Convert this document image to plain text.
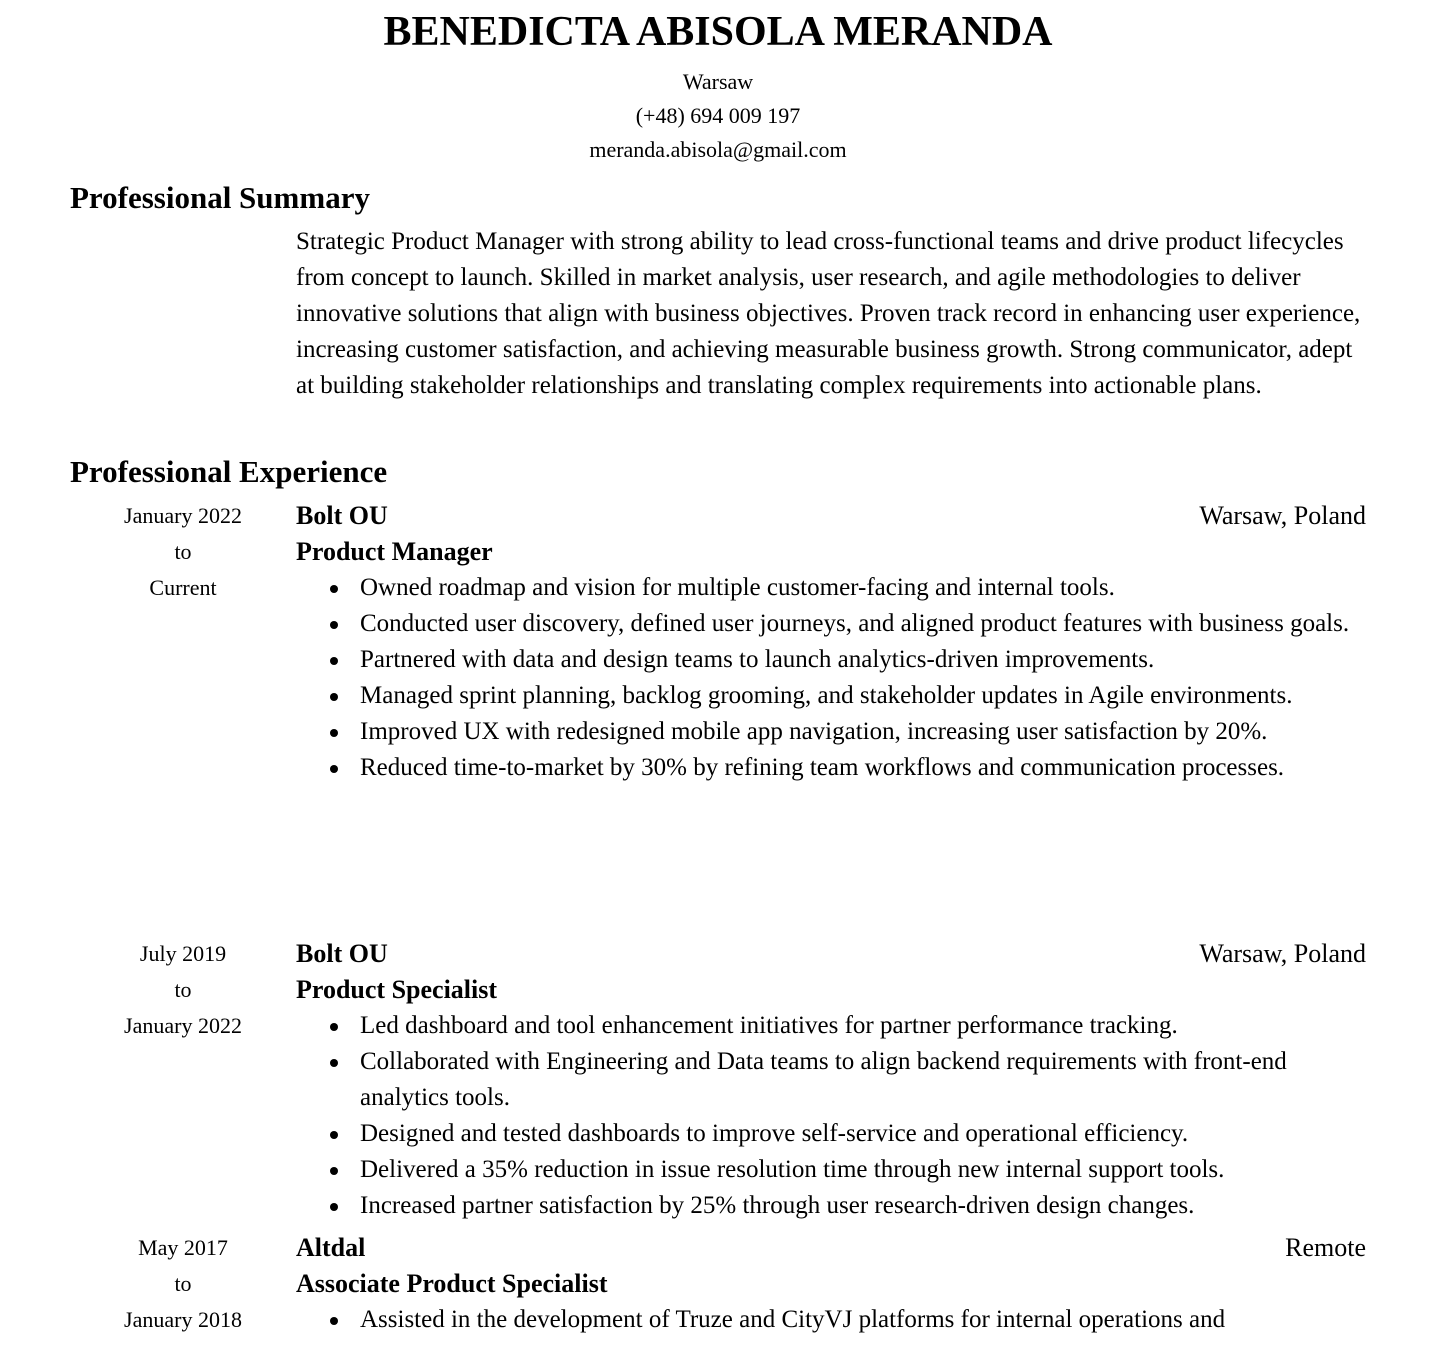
BENEDICTA ABISOLA MERANDA
Warsaw
(+48) 694 009 197
meranda.abisola@gmail.com
Professional Summary

Strategic Product Manager with strong ability to lead cross-functional teams and drive product lifecycles from concept to launch. Skilled in market analysis, user research, and agile methodologies to deliver innovative solutions that align with business objectives. Proven track record in enhancing user experience, increasing customer satisfaction, and achieving measurable business growth. Strong communicator, adept at building stakeholder relationships and translating complex requirements into actionable plans.

Professional Experience
January 2022
to
Current
Bolt OU	Warsaw, Poland
Product Manager
Owned roadmap and vision for multiple customer-facing and internal tools.
Conducted user discovery, defined user journeys, and aligned product features with business goals.
Partnered with data and design teams to launch analytics-driven improvements.
Managed sprint planning, backlog grooming, and stakeholder updates in Agile environments.
Improved UX with redesigned mobile app navigation, increasing user satisfaction by 20%.
Reduced time-to-market by 30% by refining team workflows and communication processes.
July 2019
to
January 2022
Bolt OU	Warsaw, Poland
Product Specialist
Led dashboard and tool enhancement initiatives for partner performance tracking.
Collaborated with Engineering and Data teams to align backend requirements with front-end analytics tools.
Designed and tested dashboards to improve self-service and operational efficiency.
Delivered a 35% reduction in issue resolution time through new internal support tools.
Increased partner satisfaction by 25% through user research-driven design changes.
May 2017
to
January 2018
Altdal	Remote
Associate Product Specialist
Assisted in the development of Truze and CityVJ platforms for internal operations and
